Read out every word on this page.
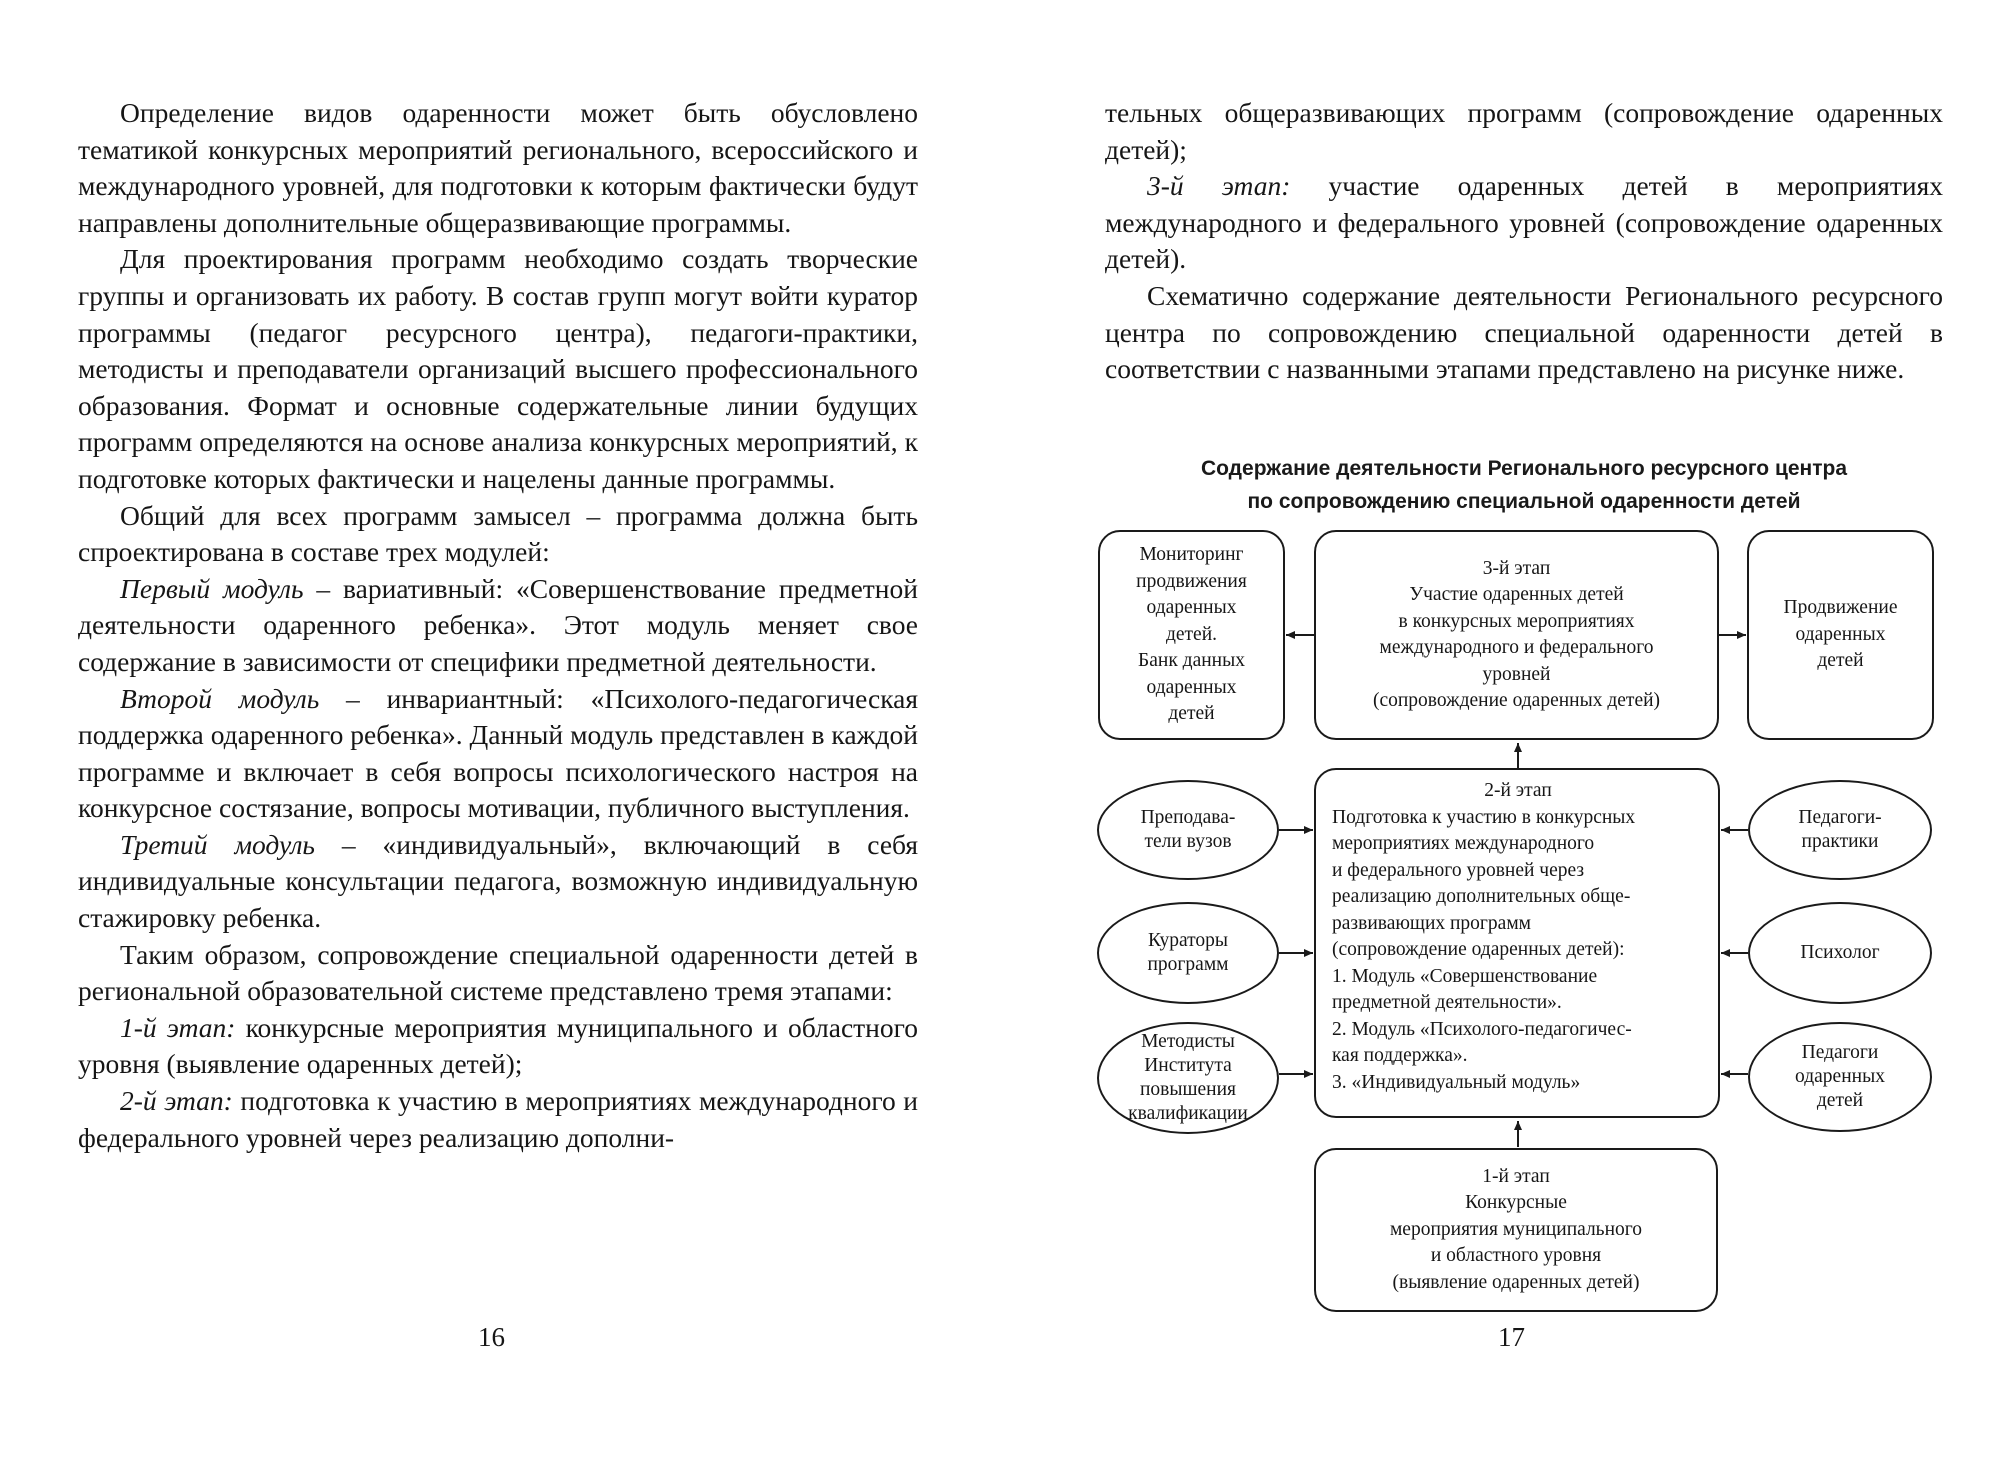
Определение видов одаренности может быть обусловлено тематикой конкурсных мероприятий регионального, всероссийского и международного уровней, для подготовки к которым фактически будут направлены дополнительные общеразвивающие программы.

Для проектирования программ необходимо создать творческие группы и организовать их работу. В состав групп могут войти куратор программы (педагог ресурсного центра), педагоги-практики, методисты и преподаватели организаций высшего профессионального образования. Формат и основные содержательные линии будущих программ определяются на основе анализа конкурсных мероприятий, к подготовке которых фактически и нацелены данные программы.

Общий для всех программ замысел – программа должна быть спроектирована в составе трех модулей:

Первый модуль – вариативный: «Совершенствование предметной деятельности одаренного ребенка». Этот модуль меняет свое содержание в зависимости от специфики предметной деятельности.

Второй модуль – инвариантный: «Психолого-педагогическая поддержка одаренного ребенка». Данный модуль представлен в каждой программе и включает в себя вопросы психологического настроя на конкурсное состязание, вопросы мотивации, публичного выступления.

Третий модуль – «индивидуальный», включающий в себя индивидуальные консультации педагога, возможную индивидуальную стажировку ребенка.

Таким образом, сопровождение специальной одаренности детей в региональной образовательной системе представлено тремя этапами:

1-й этап: конкурсные мероприятия муниципального и областного уровня (выявление одаренных детей);

2-й этап: подготовка к участию в мероприятиях международного и федерального уровней через реализацию дополни-

16

тельных общеразвивающих программ (сопровождение одаренных детей);

3-й этап: участие одаренных детей в мероприятиях международного и федерального уровней (сопровождение одаренных детей).

Схематично содержание деятельности Регионального ресурсного центра по сопровождению специальной одаренности детей в соответствии с названными этапами представлено на рисунке ниже.

Содержание деятельности Регионального ресурсного центра
по сопровождению специальной одаренности детей
Мониторинг
продвижения
одаренных
детей.
Банк данных
одаренных
детей
3-й этап
Участие одаренных детей
в конкурсных мероприятиях
международного и федерального
уровней
(сопровождение одаренных детей)
Продвижение
одаренных
детей
2-й этап
Подготовка к участию в конкурсных
мероприятиях международного
и федерального уровней через
реализацию дополнительных обще-
развивающих программ
(сопровождение одаренных детей):
1. Модуль «Совершенствование
предметной деятельности».
2. Модуль «Психолого-педагогичес-
кая поддержка».
3. «Индивидуальный модуль»
Преподава-
тели вузов
Кураторы
программ
Методисты
Института
повышения
квалификации
Педагоги-
практики
Психолог
Педагоги
одаренных
детей
1-й этап
Конкурсные
мероприятия муниципального
и областного уровня
(выявление одаренных детей)
17
